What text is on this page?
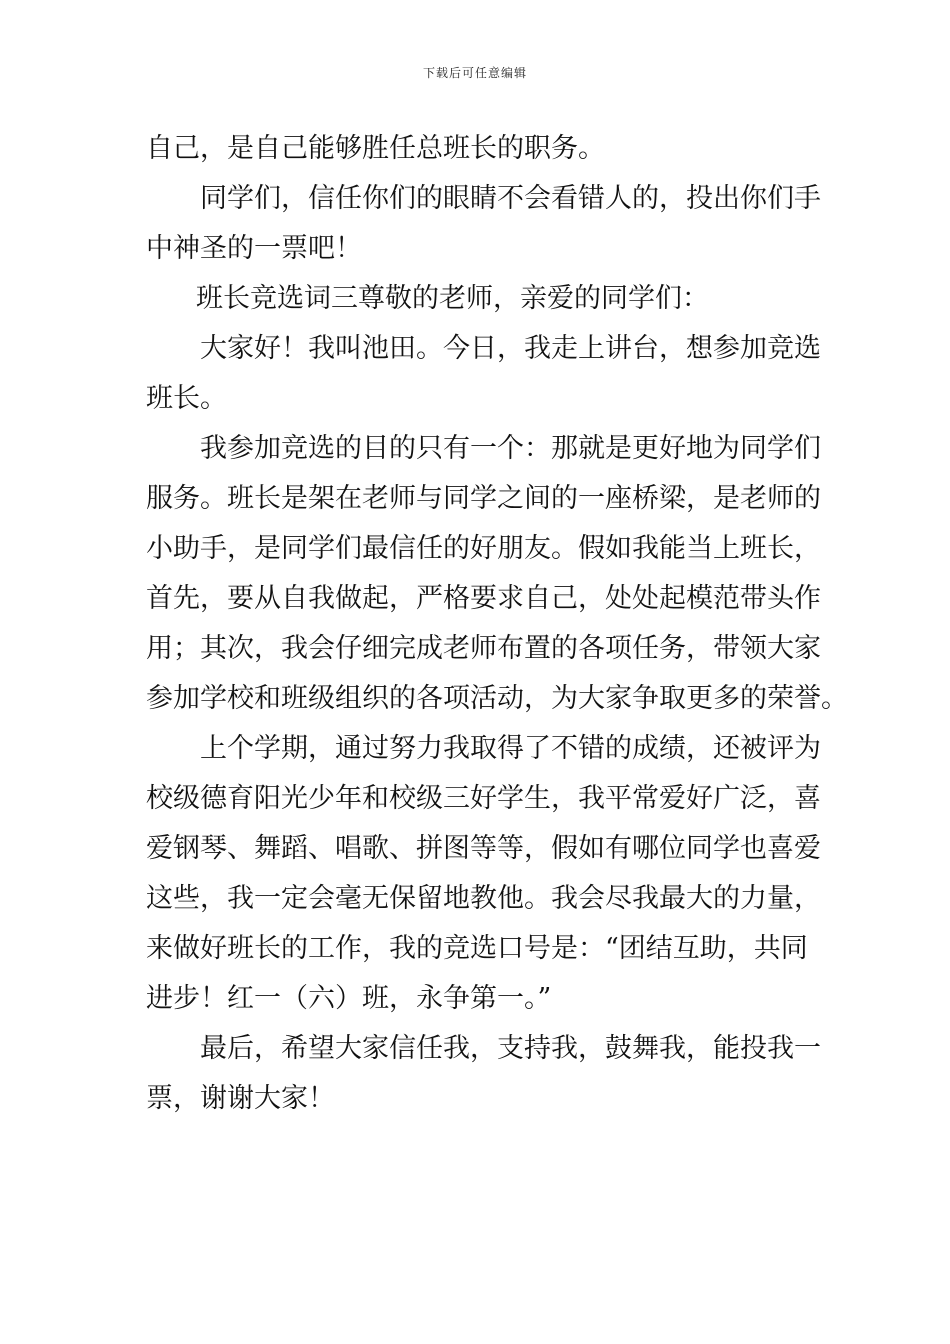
下载后可任意编辑

自己，是自己能够胜任总班长的职务。

同学们，信任你们的眼睛不会看错人的，投出你们手
中神圣的一票吧！

班长竞选词三尊敬的老师，亲爱的同学们：

大家好！我叫池田。今日，我走上讲台，想参加竞选
班长。

我参加竞选的目的只有一个：那就是更好地为同学们
服务。班长是架在老师与同学之间的一座桥梁，是老师的
小助手，是同学们最信任的好朋友。假如我能当上班长，
首先，要从自我做起，严格要求自己，处处起模范带头作
用；其次，我会仔细完成老师布置的各项任务，带领大家
参加学校和班级组织的各项活动，为大家争取更多的荣誉。

上个学期，通过努力我取得了不错的成绩，还被评为
校级德育阳光少年和校级三好学生，我平常爱好广泛，喜
爱钢琴、舞蹈、唱歌、拼图等等，假如有哪位同学也喜爱
这些，我一定会毫无保留地教他。我会尽我最大的力量，
来做好班长的工作，我的竞选口号是：“团结互助，共同
进步！红一（六）班，永争第一。”

最后，希望大家信任我，支持我，鼓舞我，能投我一
票，谢谢大家！
